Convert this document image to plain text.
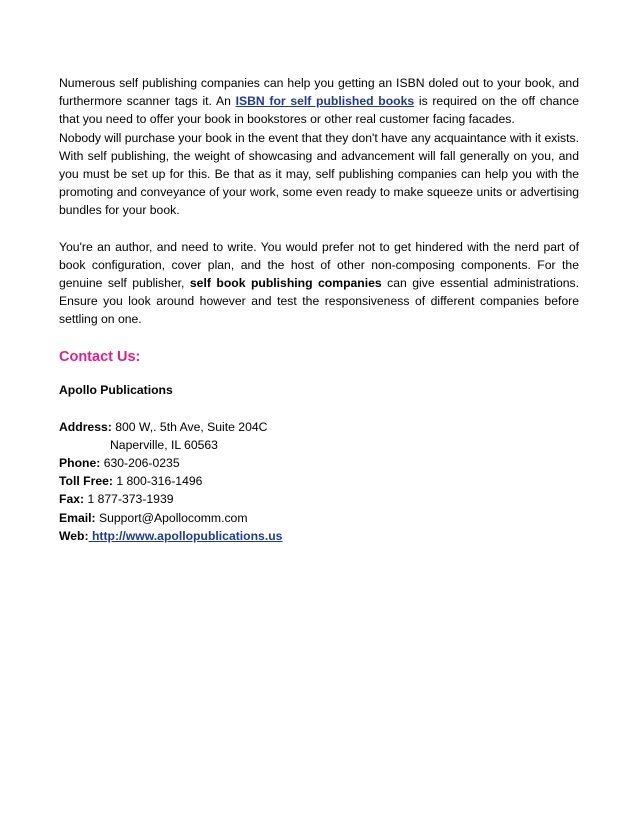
Numerous self publishing companies can help you getting an ISBN doled out to your book, and furthermore scanner tags it. An ISBN for self published books is required on the off chance that you need to offer your book in bookstores or other real customer facing facades.

Nobody will purchase your book in the event that they don't have any acquaintance with it exists. With self publishing, the weight of showcasing and advancement will fall generally on you, and you must be set up for this. Be that as it may, self publishing companies can help you with the promoting and conveyance of your work, some even ready to make squeeze units or advertising bundles for your book.

You're an author, and need to write. You would prefer not to get hindered with the nerd part of book configuration, cover plan, and the host of other non-composing components. For the genuine self publisher, self book publishing companies can give essential administrations. Ensure you look around however and test the responsiveness of different companies before settling on one.

Contact Us:

Apollo Publications

Address: 800 W,. 5th Ave, Suite 204C
Naperville, IL 60563
Phone: 630-206-0235
Toll Free: 1 800-316-1496
Fax: 1 877-373-1939
Email: Support@Apollocomm.com
Web: http://www.apollopublications.us
